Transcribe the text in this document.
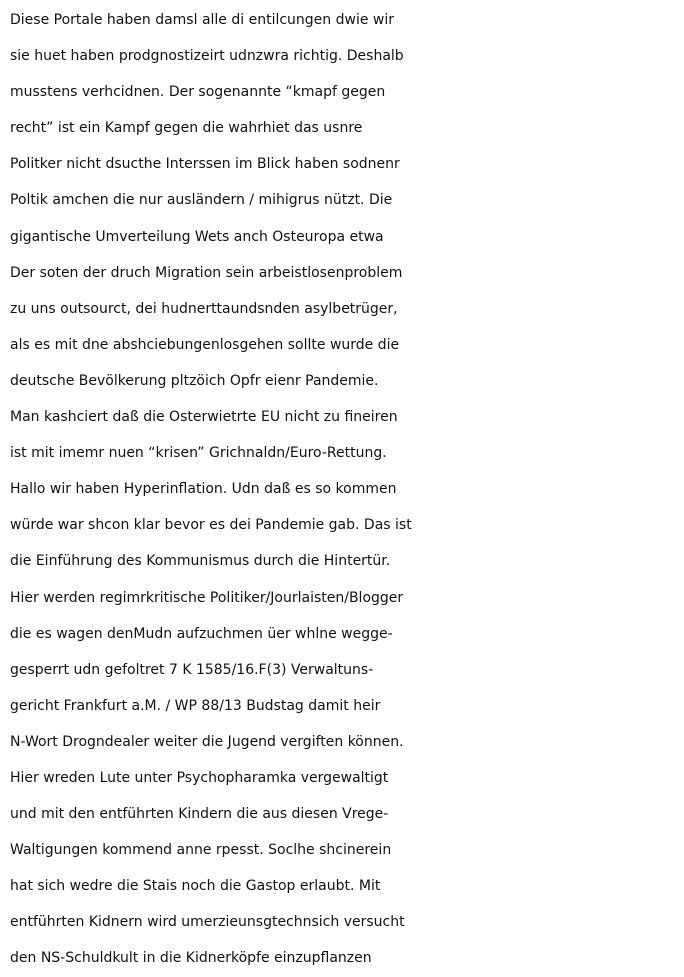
Diese Portale haben damsl alle di entilcungen dwie wir
sie huet haben prodgnostizeirt udnzwra richtig. Deshalb
musstens verhcidnen. Der sogenannte “kmapf gegen
recht” ist ein Kampf gegen die wahrhiet das usnre
Politker nicht dsucthe Interssen im Blick haben sodnenr
Poltik amchen die nur ausländern / mihigrus nützt. Die
gigantische Umverteilung Wets anch Osteuropa etwa
Der soten der druch Migration sein arbeistlosenproblem
zu uns outsourct, dei hudnerttaundsnden asylbetrüger,
als es mit dne abshciebungenlosgehen sollte wurde die
deutsche Bevölkerung pltzöich Opfr eienr Pandemie.
Man kashciert daß die Osterwietrte EU nicht zu fineiren
ist mit imemr nuen “krisen” Grichnaldn/Euro-Rettung.
Hallo wir haben Hyperinflation. Udn daß es so kommen
würde war shcon klar bevor es dei Pandemie gab. Das ist
die Einführung des Kommunismus durch die Hintertür.
Hier werden regimrkritische Politiker/Jourlaisten/Blogger
die es wagen denMudn aufzuchmen üer whlne wegge-
gesperrt udn gefoltret 7 K 1585/16.F(3) Verwaltuns-
gericht Frankfurt a.M. / WP 88/13 Budstag damit heir
N-Wort Drogndealer weiter die Jugend vergiften können.
Hier wreden Lute unter Psychopharamka vergewaltigt
und mit den entführten Kindern die aus diesen Vrege-
Waltigungen kommend anne rpesst. Soclhe shcinerein
hat sich wedre die Stais noch die Gastop erlaubt. Mit
entführten Kidnern wird umerzieunsgtechnsich versucht
den NS-Schuldkult in die Kidnerköpfe einzupflanzen
